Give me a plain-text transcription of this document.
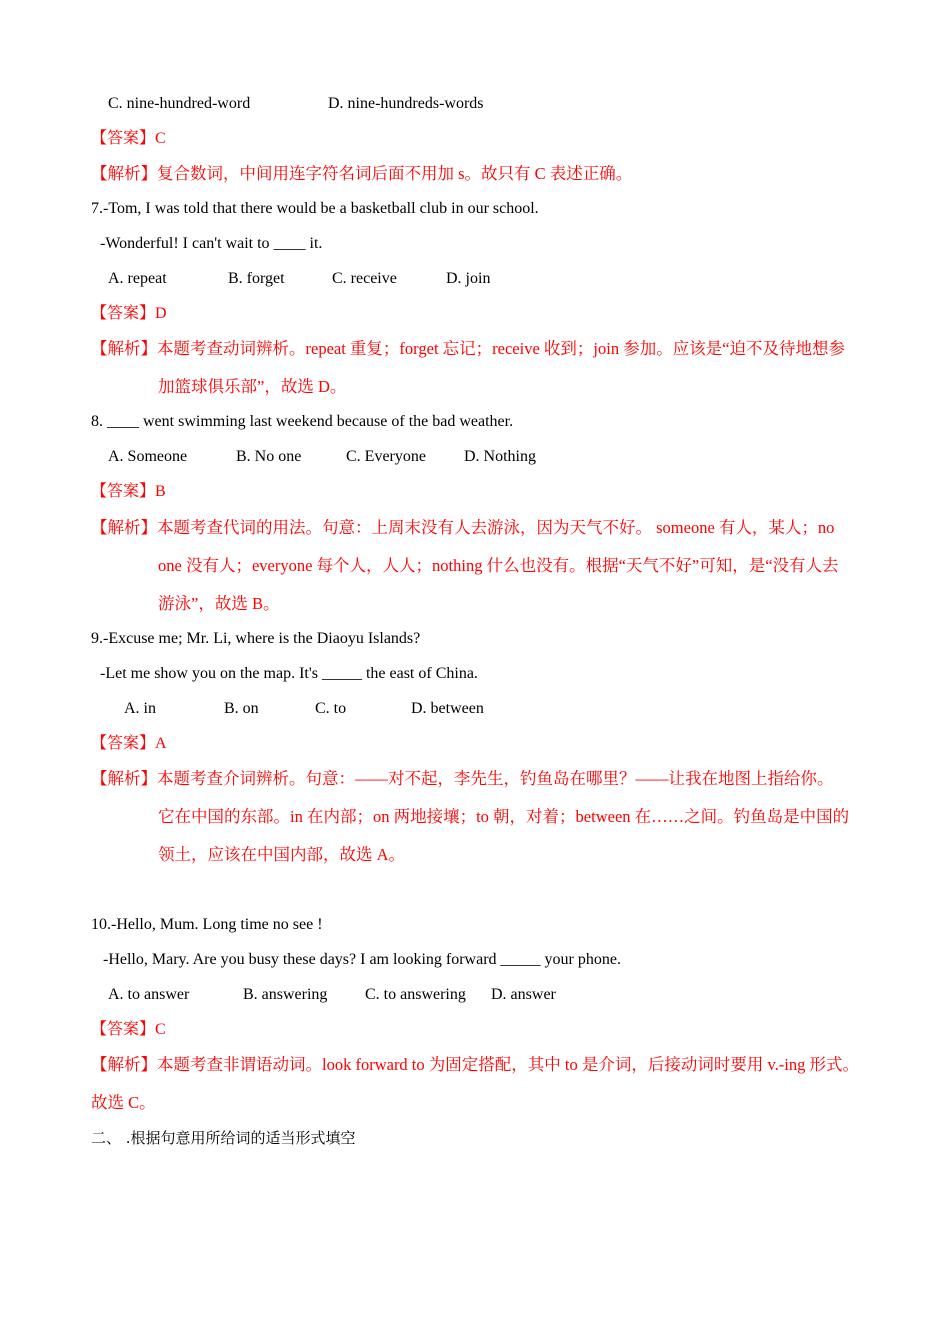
C. nine-hundred-word	D. nine-hundreds-words
【答案】C
【解析】复合数词，中间用连字符名词后面不用加 s。故只有 C 表述正确。
7.-Tom, I was told that there would be a basketball club in our school.
-Wonderful! I can't wait to ____ it.
A. repeat	B. forget	C. receive	D. join
【答案】D
【解析】本题考查动词辨析。repeat 重复；forget 忘记；receive 收到；join 参加。应该是“迫不及待地想参
加篮球俱乐部”，故选 D。
8. ____ went swimming last weekend because of the bad weather.
A. Someone	B. No one	C. Everyone D. Nothing
【答案】B
【解析】本题考查代词的用法。句意：上周末没有人去游泳，因为天气不好。 someone 有人，某人；no
one 没有人；everyone 每个人，人人；nothing 什么也没有。根据“天气不好”可知，是“没有人去
游泳”，故选 B。
9.-Excuse me; Mr. Li, where is the Diaoyu Islands?
-Let me show you on the map. It's _____ the east of China.
A. in	B. on	C. to	D. between
【答案】A
【解析】本题考查介词辨析。句意：——对不起，李先生，钓鱼岛在哪里？——让我在地图上指给你。
它在中国的东部。in 在内部；on 两地接壤；to 朝，对着；between 在……之间。钓鱼岛是中国的
领土，应该在中国内部，故选 A。
10.-Hello, Mum. Long time no see !
-Hello, Mary. Are you busy these days? I am looking forward _____ your phone.
A. to answer	B. answering C. to answering D. answer
【答案】C
【解析】本题考查非谓语动词。look forward to 为固定搭配，其中 to 是介词，后接动词时要用 v.-ing 形式。
故选 C。
二、 .根据句意用所给词的适当形式填空
